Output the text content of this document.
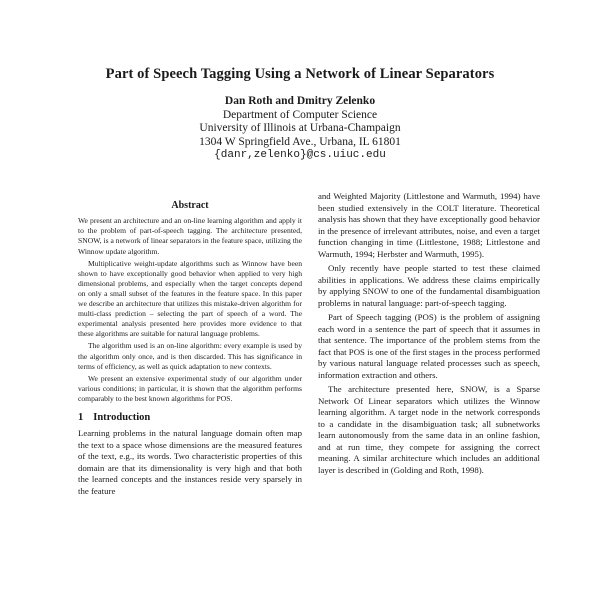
Part of Speech Tagging Using a Network of Linear Separators
Dan Roth and Dmitry Zelenko
Department of Computer Science
University of Illinois at Urbana-Champaign
1304 W Springfield Ave., Urbana, IL 61801
{danr,zelenko}@cs.uiuc.edu
Abstract

We present an architecture and an on-line learning algorithm and apply it to the problem of part-of-speech tagging. The architecture presented, SNOW, is a network of linear separators in the feature space, utilizing the Winnow update algorithm.

Multiplicative weight-update algorithms such as Winnow have been shown to have exceptionally good behavior when applied to very high dimensional problems, and especially when the target concepts depend on only a small subset of the features in the feature space. In this paper we describe an architecture that utilizes this mistake-driven algorithm for multi-class prediction – selecting the part of speech of a word. The experimental analysis presented here provides more evidence to that these algorithms are suitable for natural language problems.

The algorithm used is an on-line algorithm: every example is used by the algorithm only once, and is then discarded. This has significance in terms of efficiency, as well as quick adaptation to new contexts.

We present an extensive experimental study of our algorithm under various conditions; in particular, it is shown that the algorithm performs comparably to the best known algorithms for POS.

1 Introduction

Learning problems in the natural language domain often map the text to a space whose dimensions are the measured features of the text, e.g., its words. Two characteristic properties of this domain are that its dimensionality is very high and that both the learned concepts and the instances reside very sparsely in the feature

and Weighted Majority (Littlestone and Warmuth, 1994) have been studied extensively in the COLT literature. Theoretical analysis has shown that they have exceptionally good behavior in the presence of irrelevant attributes, noise, and even a target function changing in time (Littlestone, 1988; Littlestone and Warmuth, 1994; Herbster and Warmuth, 1995).

Only recently have people started to test these claimed abilities in applications. We address these claims empirically by applying SNOW to one of the fundamental disambiguation problems in natural language: part-of-speech tagging.

Part of Speech tagging (POS) is the problem of assigning each word in a sentence the part of speech that it assumes in that sentence. The importance of the problem stems from the fact that POS is one of the first stages in the process performed by various natural language related processes such as speech, information extraction and others.

The architecture presented here, SNOW, is a Sparse Network Of Linear separators which utilizes the Winnow learning algorithm. A target node in the network corresponds to a candidate in the disambiguation task; all subnetworks learn autonomously from the same data in an online fashion, and at run time, they compete for assigning the correct meaning. A similar architecture which includes an additional layer is described in (Golding and Roth, 1998).
